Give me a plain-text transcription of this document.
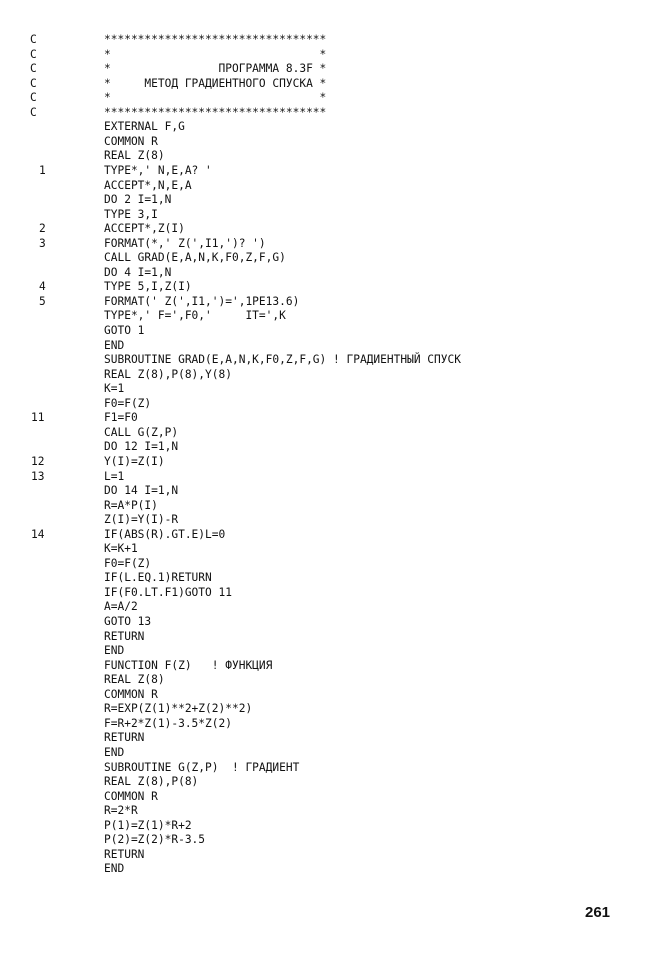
C	*********************************
C	*                               *
C	*                ПРОГРАММА 8.3F *
C	*     МЕТОД ГРАДИЕНТНОГО СПУСКА *
C	*                               *
C	*********************************
EXTERNAL F,G
COMMON R
REAL Z(8)
1	TYPE*,' N,E,A? '
ACCEPT*,N,E,A
DO 2 I=1,N
TYPE 3,I
2	ACCEPT*,Z(I)
3	FORMAT(*,' Z(',I1,')? ')
CALL GRAD(E,A,N,K,F0,Z,F,G)
DO 4 I=1,N
4	TYPE 5,I,Z(I)
5	FORMAT(' Z(',I1,')=',1PE13.6)
TYPE*,' F=',F0,'     IT=',K
GOTO 1
END
SUBROUTINE GRAD(E,A,N,K,F0,Z,F,G) ! ГРАДИЕНТНЫЙ СПУСК
REAL Z(8),P(8),Y(8)
K=1
F0=F(Z)
11	F1=F0
CALL G(Z,P)
DO 12 I=1,N
12	Y(I)=Z(I)
13	L=1
DO 14 I=1,N
R=A*P(I)
Z(I)=Y(I)-R
14	IF(ABS(R).GT.E)L=0
K=K+1
F0=F(Z)
IF(L.EQ.1)RETURN
IF(F0.LT.F1)GOTO 11
A=A/2
GOTO 13
RETURN
END
FUNCTION F(Z)   ! ФУНКЦИЯ
REAL Z(8)
COMMON R
R=EXP(Z(1)**2+Z(2)**2)
F=R+2*Z(1)-3.5*Z(2)
RETURN
END
SUBROUTINE G(Z,P)  ! ГРАДИЕНТ
REAL Z(8),P(8)
COMMON R
R=2*R
P(1)=Z(1)*R+2
P(2)=Z(2)*R-3.5
RETURN
END
261
